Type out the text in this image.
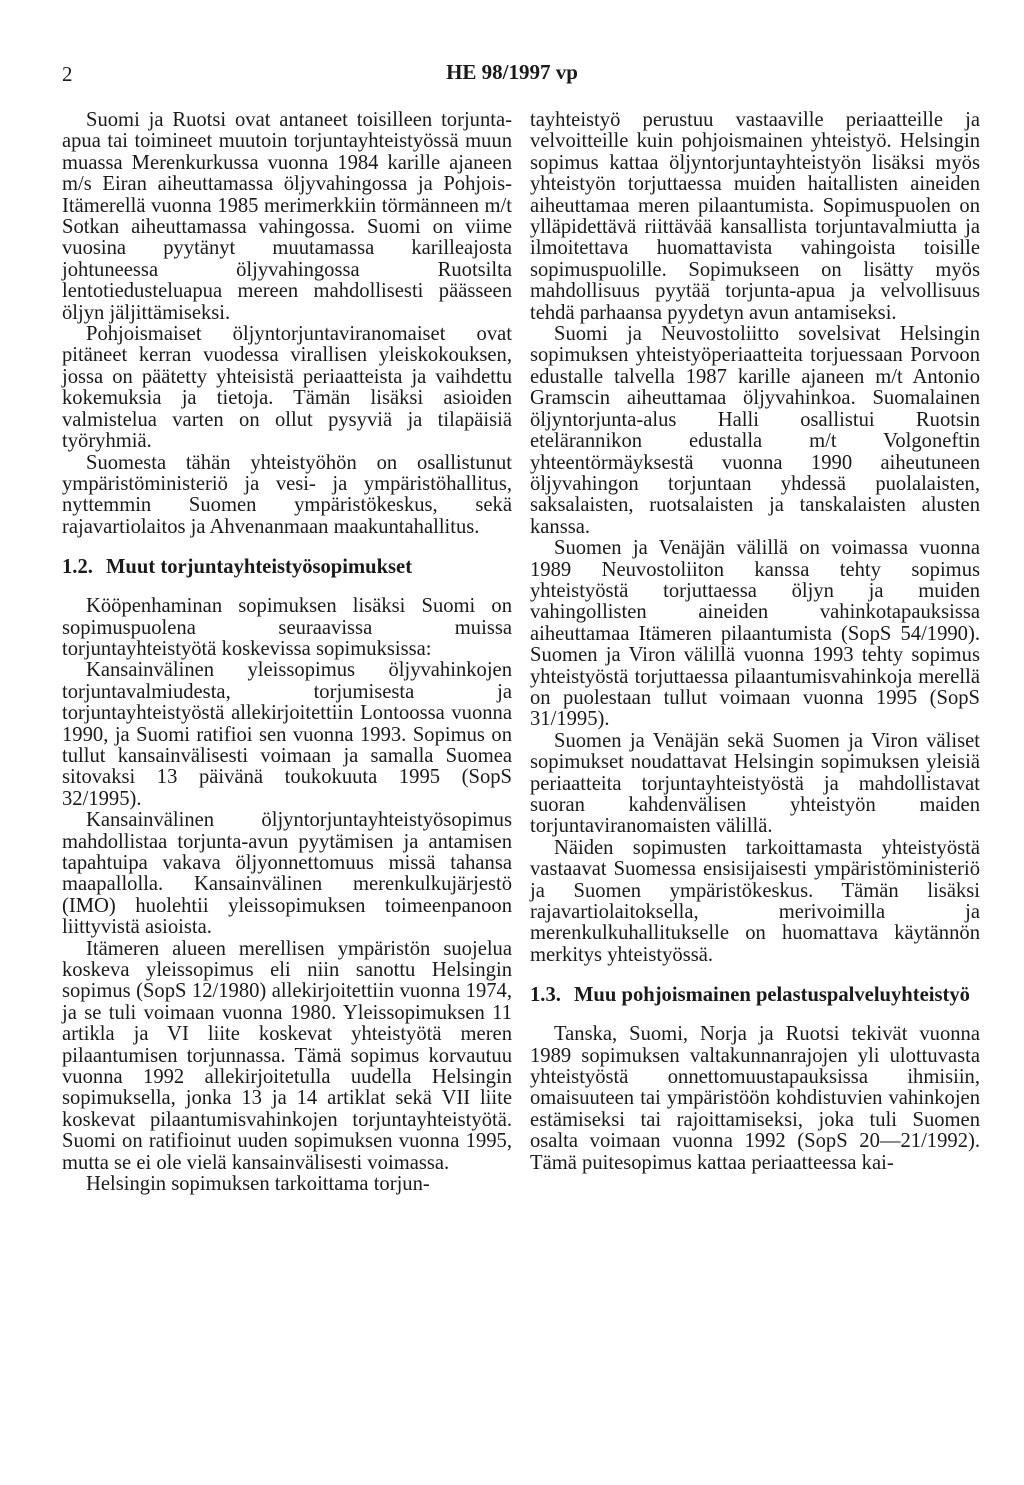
2	HE 98/1997 vp

Suomi ja Ruotsi ovat antaneet toisilleen torjunta-apua tai toimineet muutoin torjuntayhteistyössä muun muassa Merenkurkussa vuonna 1984 karille ajaneen m/s Eiran aiheuttamassa öljyvahingossa ja Pohjois-Itämerellä vuonna 1985 merimerkkiin törmänneen m/t Sotkan aiheuttamassa vahingossa. Suomi on viime vuosina pyytänyt muutamassa karilleajosta johtuneessa öljyvahingossa Ruotsilta lentotiedusteluapua mereen mahdollisesti päässeen öljyn jäljittämiseksi.

Pohjoismaiset öljyntorjuntaviranomaiset ovat pitäneet kerran vuodessa virallisen yleiskokouksen, jossa on päätetty yhteisistä periaatteista ja vaihdettu kokemuksia ja tietoja. Tämän lisäksi asioiden valmistelua varten on ollut pysyviä ja tilapäisiä työryhmiä.

Suomesta tähän yhteistyöhön on osallistunut ympäristöministeriö ja vesi- ja ympäristöhallitus, nyttemmin Suomen ympäristökeskus, sekä rajavartiolaitos ja Ahvenanmaan maakuntahallitus.

1.2. Muut torjuntayhteistyösopimukset

Kööpenhaminan sopimuksen lisäksi Suomi on sopimuspuolena seuraavissa muissa torjuntayhteistyötä koskevissa sopimuksissa:

Kansainvälinen yleissopimus öljyvahinkojen torjuntavalmiudesta, torjumisesta ja torjuntayhteistyöstä allekirjoitettiin Lontoossa vuonna 1990, ja Suomi ratifioi sen vuonna 1993. Sopimus on tullut kansainvälisesti voimaan ja samalla Suomea sitovaksi 13 päivänä toukokuuta 1995 (SopS 32/1995).

Kansainvälinen öljyntorjuntayhteistyösopimus mahdollistaa torjunta-avun pyytämisen ja antamisen tapahtuipa vakava öljyonnettomuus missä tahansa maapallolla. Kansainvälinen merenkulkujärjestö (IMO) huolehtii yleissopimuksen toimeenpanoon liittyvistä asioista.

Itämeren alueen merellisen ympäristön suojelua koskeva yleissopimus eli niin sanottu Helsingin sopimus (SopS 12/1980) allekirjoitettiin vuonna 1974, ja se tuli voimaan vuonna 1980. Yleissopimuksen 11 artikla ja VI liite koskevat yhteistyötä meren pilaantumisen torjunnassa. Tämä sopimus korvautuu vuonna 1992 allekirjoitetulla uudella Helsingin sopimuksella, jonka 13 ja 14 artiklat sekä VII liite koskevat pilaantumisvahinkojen torjuntayhteistyötä. Suomi on ratifioinut uuden sopimuksen vuonna 1995, mutta se ei ole vielä kansainvälisesti voimassa.

Helsingin sopimuksen tarkoittama torjun-

tayhteistyö perustuu vastaaville periaatteille ja velvoitteille kuin pohjoismainen yhteistyö. Helsingin sopimus kattaa öljyntorjuntayhteistyön lisäksi myös yhteistyön torjuttaessa muiden haitallisten aineiden aiheuttamaa meren pilaantumista. Sopimuspuolen on ylläpidettävä riittävää kansallista torjuntavalmiutta ja ilmoitettava huomattavista vahingoista toisille sopimuspuolille. Sopimukseen on lisätty myös mahdollisuus pyytää torjunta-apua ja velvollisuus tehdä parhaansa pyydetyn avun antamiseksi.

Suomi ja Neuvostoliitto sovelsivat Helsingin sopimuksen yhteistyöperiaatteita torjuessaan Porvoon edustalle talvella 1987 karille ajaneen m/t Antonio Gramscin aiheuttamaa öljyvahinkoa. Suomalainen öljyntorjunta-alus Halli osallistui Ruotsin etelärannikon edustalla m/t Volgoneftin yhteentörmäyksestä vuonna 1990 aiheutuneen öljyvahingon torjuntaan yhdessä puolalaisten, saksalaisten, ruotsalaisten ja tanskalaisten alusten kanssa.

Suomen ja Venäjän välillä on voimassa vuonna 1989 Neuvostoliiton kanssa tehty sopimus yhteistyöstä torjuttaessa öljyn ja muiden vahingollisten aineiden vahinkotapauksissa aiheuttamaa Itämeren pilaantumista (SopS 54/1990). Suomen ja Viron välillä vuonna 1993 tehty sopimus yhteistyöstä torjuttaessa pilaantumisvahinkoja merellä on puolestaan tullut voimaan vuonna 1995 (SopS 31/1995).

Suomen ja Venäjän sekä Suomen ja Viron väliset sopimukset noudattavat Helsingin sopimuksen yleisiä periaatteita torjuntayhteistyöstä ja mahdollistavat suoran kahdenvälisen yhteistyön maiden torjuntaviranomaisten välillä.

Näiden sopimusten tarkoittamasta yhteistyöstä vastaavat Suomessa ensisijaisesti ympäristöministeriö ja Suomen ympäristökeskus. Tämän lisäksi rajavartiolaitoksella, merivoimilla ja merenkulkuhallitukselle on huomattava käytännön merkitys yhteistyössä.

1.3. Muu pohjoismainen pelastuspalveluyhteistyö

Tanska, Suomi, Norja ja Ruotsi tekivät vuonna 1989 sopimuksen valtakunnanrajojen yli ulottuvasta yhteistyöstä onnettomuustapauksissa ihmisiin, omaisuuteen tai ympäristöön kohdistuvien vahinkojen estämiseksi tai rajoittamiseksi, joka tuli Suomen osalta voimaan vuonna 1992 (SopS 20—21/1992). Tämä puitesopimus kattaa periaatteessa kai-
